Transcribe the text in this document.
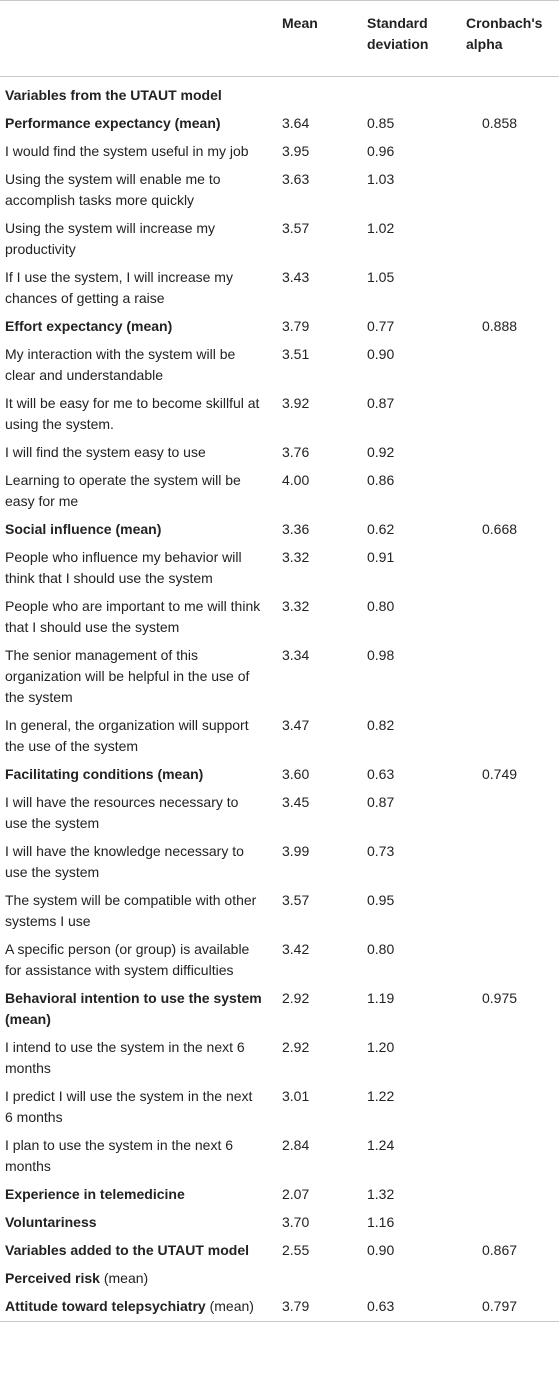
	Mean	Standard deviation	Cronbach's alpha
Variables from the UTAUT model			
Performance expectancy (mean)	3.64	0.85	0.858
I would find the system useful in my job	3.95	0.96	
Using the system will enable me to accomplish tasks more quickly	3.63	1.03	
Using the system will increase my productivity	3.57	1.02	
If I use the system, I will increase my chances of getting a raise	3.43	1.05	
Effort expectancy (mean)	3.79	0.77	0.888
My interaction with the system will be clear and understandable	3.51	0.90	
It will be easy for me to become skillful at using the system.	3.92	0.87	
I will find the system easy to use	3.76	0.92	
Learning to operate the system will be easy for me	4.00	0.86	
Social influence (mean)	3.36	0.62	0.668
People who influence my behavior will think that I should use the system	3.32	0.91	
People who are important to me will think that I should use the system	3.32	0.80	
The senior management of this organization will be helpful in the use of the system	3.34	0.98	
In general, the organization will support the use of the system	3.47	0.82	
Facilitating conditions (mean)	3.60	0.63	0.749
I will have the resources necessary to use the system	3.45	0.87	
I will have the knowledge necessary to use the system	3.99	0.73	
The system will be compatible with other systems I use	3.57	0.95	
A specific person (or group) is available for assistance with system difficulties	3.42	0.80	
Behavioral intention to use the system (mean)	2.92	1.19	0.975
I intend to use the system in the next 6 months	2.92	1.20	
I predict I will use the system in the next 6 months	3.01	1.22	
I plan to use the system in the next 6 months	2.84	1.24	
Experience in telemedicine	2.07	1.32	
Voluntariness	3.70	1.16	
Variables added to the UTAUT model	2.55	0.90	0.867
Perceived risk (mean)			
Attitude toward telepsychiatry (mean)	3.79	0.63	0.797
